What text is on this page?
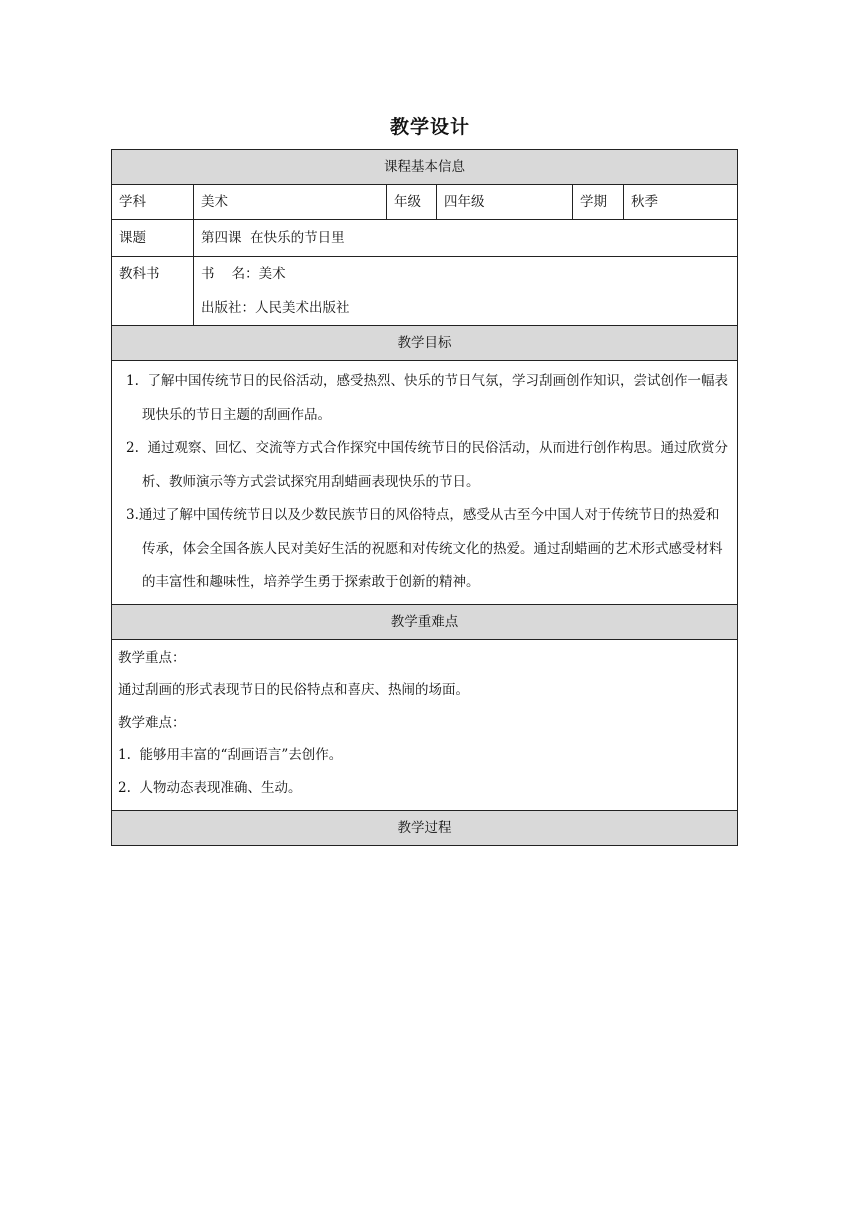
教学设计
课程基本信息					
学科	美术	年级	四年级	学期	秋季
课题	第四课  在快乐的节日里				

教科书	书    名：美术
出版社：人民美术出版社				

教学目标					

1.  了解中国传统节日的民俗活动，感受热烈、快乐的节日气氛，学习刮画创作知识，尝试创作一幅表现快乐的节日主题的刮画作品。

2.  通过观察、回忆、交流等方式合作探究中国传统节日的民俗活动，从而进行创作构思。通过欣赏分析、教师演示等方式尝试探究用刮蜡画表现快乐的节日。

3.通过了解中国传统节日以及少数民族节日的风俗特点，感受从古至今中国人对于传统节日的热爱和传承，体会全国各族人民对美好生活的祝愿和对传统文化的热爱。通过刮蜡画的艺术形式感受材料的丰富性和趣味性，培养学生勇于探索敢于创新的精神。					

教学重难点					

教学重点：
通过刮画的形式表现节日的民俗特点和喜庆、热闹的场面。
教学难点：
1.  能够用丰富的“刮画语言”去创作。
2.  人物动态表现准确、生动。					

教学过程					
